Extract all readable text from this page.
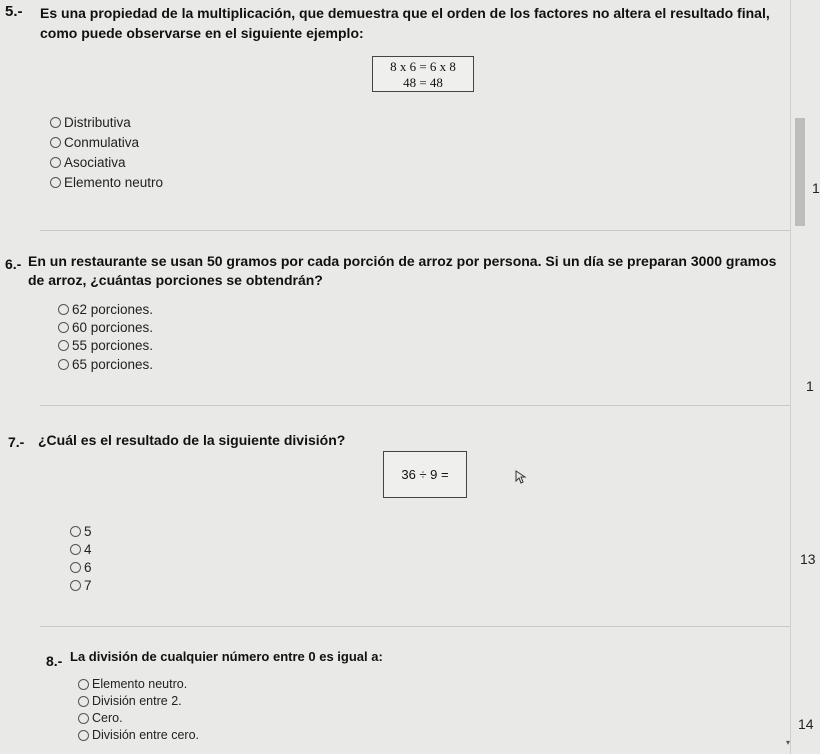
▾
5.- Es una propiedad de la multiplicación, que demuestra que el orden de los factores no altera el resultado final,
como puede observarse en el siguiente ejemplo:
8 x 6 = 6 x 8
48 = 48
Distributiva
Conmulativa
Asociativa
Elemento neutro	1
6.- En un restaurante se usan 50 gramos por cada porción de arroz por persona. Si un día se preparan 3000 gramos
de arroz, ¿cuántas porciones se obtendrán?
62 porciones.
60 porciones.
55 porciones.
65 porciones.
1
7.- ¿Cuál es el resultado de la siguiente división?
36 ÷ 9 =
5
4
6
7
13
8.- La división de cualquier número entre 0 es igual a:
Elemento neutro.
División entre 2.
Cero.
División entre cero.
14
